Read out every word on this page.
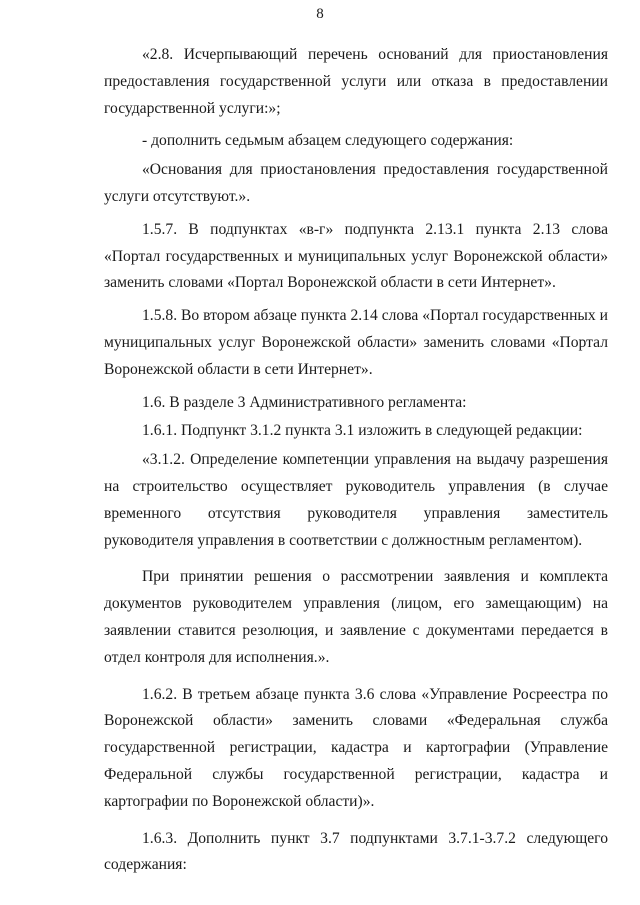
8

«2.8. Исчерпывающий перечень оснований для приостановления предоставления государственной услуги или отказа в предоставлении государственной услуги:»;

- дополнить седьмым абзацем следующего содержания:

«Основания для приостановления предоставления государственной услуги отсутствуют.».

1.5.7. В подпунктах «в-г» подпункта 2.13.1 пункта 2.13 слова «Портал государственных и муниципальных услуг Воронежской области» заменить словами «Портал Воронежской области в сети Интернет».

1.5.8. Во втором абзаце пункта 2.14 слова «Портал государственных и муниципальных услуг Воронежской области» заменить словами «Портал Воронежской области в сети Интернет».

1.6. В разделе 3 Административного регламента:

1.6.1. Подпункт 3.1.2 пункта 3.1 изложить в следующей редакции:

«3.1.2. Определение компетенции управления на выдачу разрешения на строительство осуществляет руководитель управления (в случае временного отсутствия руководителя управления заместитель руководителя управления в соответствии с должностным регламентом).

При принятии решения о рассмотрении заявления и комплекта документов руководителем управления (лицом, его замещающим) на заявлении ставится резолюция, и заявление с документами передается в отдел контроля для исполнения.».

1.6.2. В третьем абзаце пункта 3.6 слова «Управление Росреестра по Воронежской области» заменить словами «Федеральная служба государственной регистрации, кадастра и картографии (Управление Федеральной службы государственной регистрации, кадастра и картографии по Воронежской области)».

1.6.3. Дополнить пункт 3.7 подпунктами 3.7.1-3.7.2 следующего содержания:
